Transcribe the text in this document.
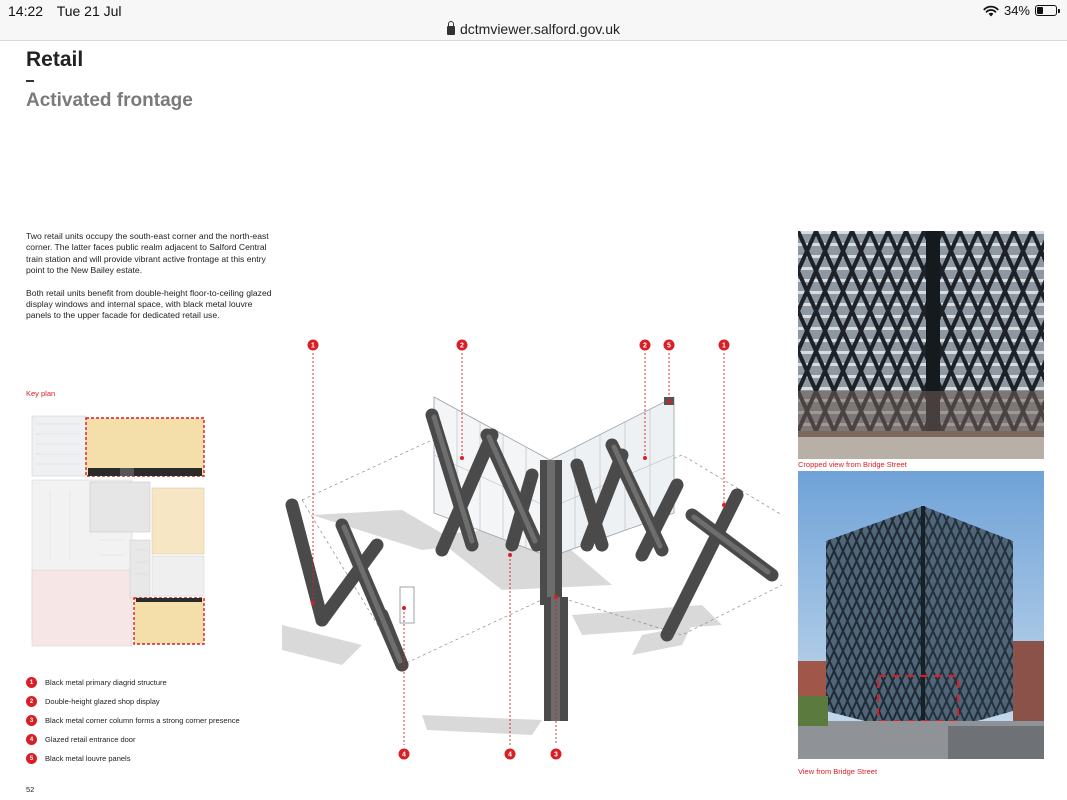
14:22 Tue 21 Jul	34%
dctmviewer.salford.gov.uk
Retail
Activated frontage

Two retail units occupy the south-east corner and the north-east corner. The latter faces public realm adjacent to Salford Central train station and will provide vibrant active frontage at this entry point to the New Bailey estate.

Both retail units benefit from double-height floor-to-ceiling glazed display windows and internal space, with black metal louvre panels to the upper facade for dedicated retail use.

Key plan
1	Black metal primary diagrid structure
2	Double-height glazed shop display
3	Black metal corner column forms a strong corner presence
4	Glazed retail entrance door
5	Black metal louvre panels
52
1	2	2	5	1
4	4	3
Cropped view from Bridge Street
View from Bridge Street
